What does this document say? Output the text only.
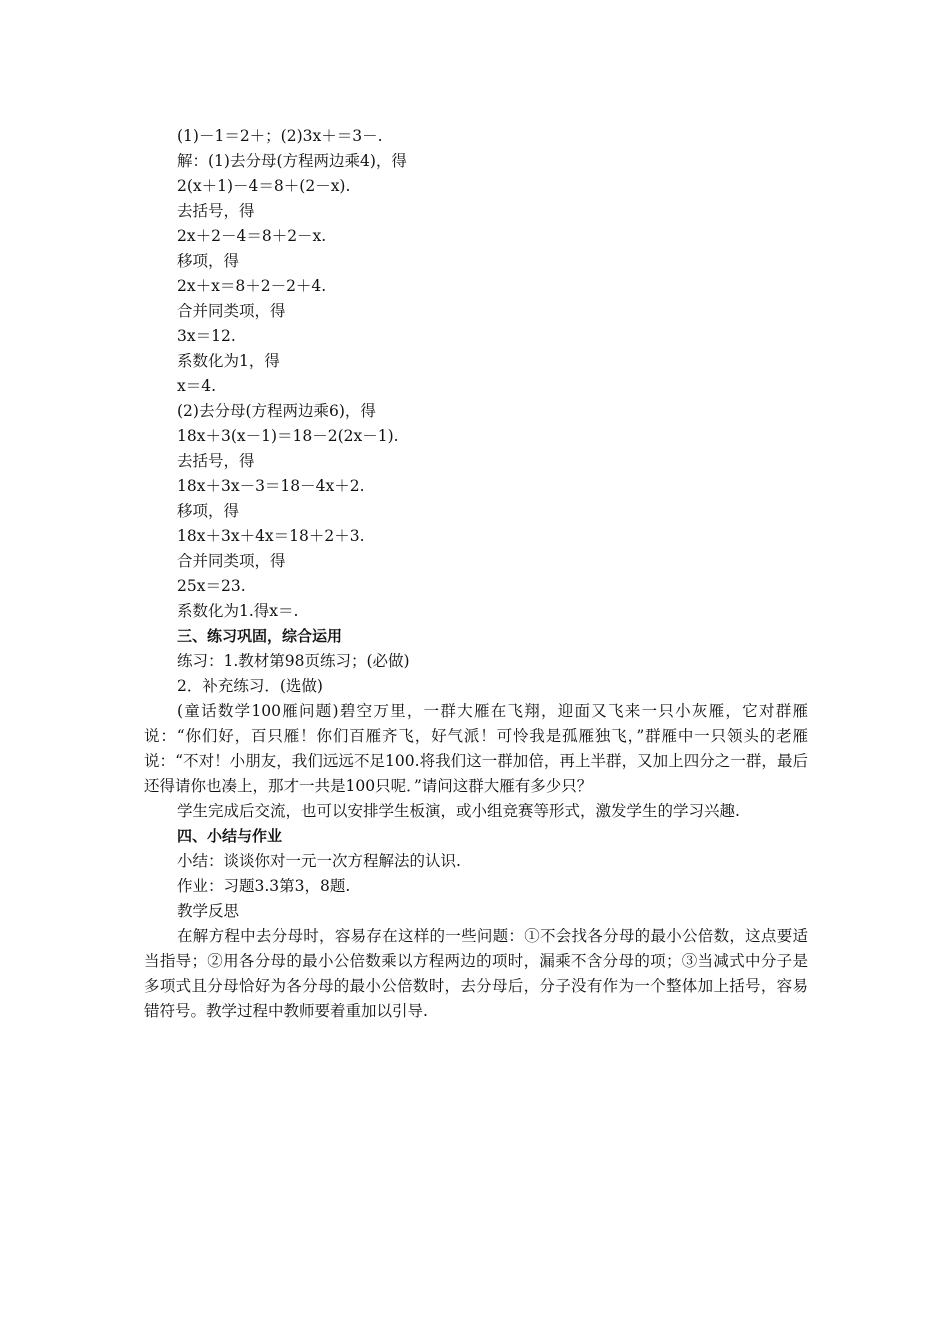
(1)－1＝2＋；(2)3x＋＝3－.
解：(1)去分母(方程两边乘4)，得
2(x＋1)－4＝8＋(2－x).
去括号，得
2x＋2－4＝8＋2－x.
移项，得
2x＋x＝8＋2－2＋4.
合并同类项，得
3x＝12.
系数化为1，得
x＝4.
(2)去分母(方程两边乘6)，得
18x＋3(x－1)＝18－2(2x－1).
去括号，得
18x＋3x－3＝18－4x＋2.
移项，得
18x＋3x＋4x＝18＋2＋3.
合并同类项，得
25x＝23.
系数化为1.得x＝.
三、练习巩固，综合运用
练习：1.教材第98页练习；(必做)
2．补充练习．(选做)

(童话数学100雁问题)碧空万里，一群大雁在飞翔，迎面又飞来一只小灰雁，它对群雁说：“你们好，百只雁！你们百雁齐飞，好气派！可怜我是孤雁独飞，”群雁中一只领头的老雁说：“不对！小朋友，我们远远不足100.将我们这一群加倍，再上半群，又加上四分之一群，最后还得请你也凑上，那才一共是100只呢．”请问这群大雁有多少只？

学生完成后交流，也可以安排学生板演，或小组竞赛等形式，激发学生的学习兴趣.

四、小结与作业
小结：谈谈你对一元一次方程解法的认识.
作业：习题3.3第3，8题.
教学反思

在解方程中去分母时，容易存在这样的一些问题：①不会找各分母的最小公倍数，这点要适当指导；②用各分母的最小公倍数乘以方程两边的项时，漏乘不含分母的项；③当减式中分子是多项式且分母恰好为各分母的最小公倍数时，去分母后，分子没有作为一个整体加上括号，容易错符号。教学过程中教师要着重加以引导.
